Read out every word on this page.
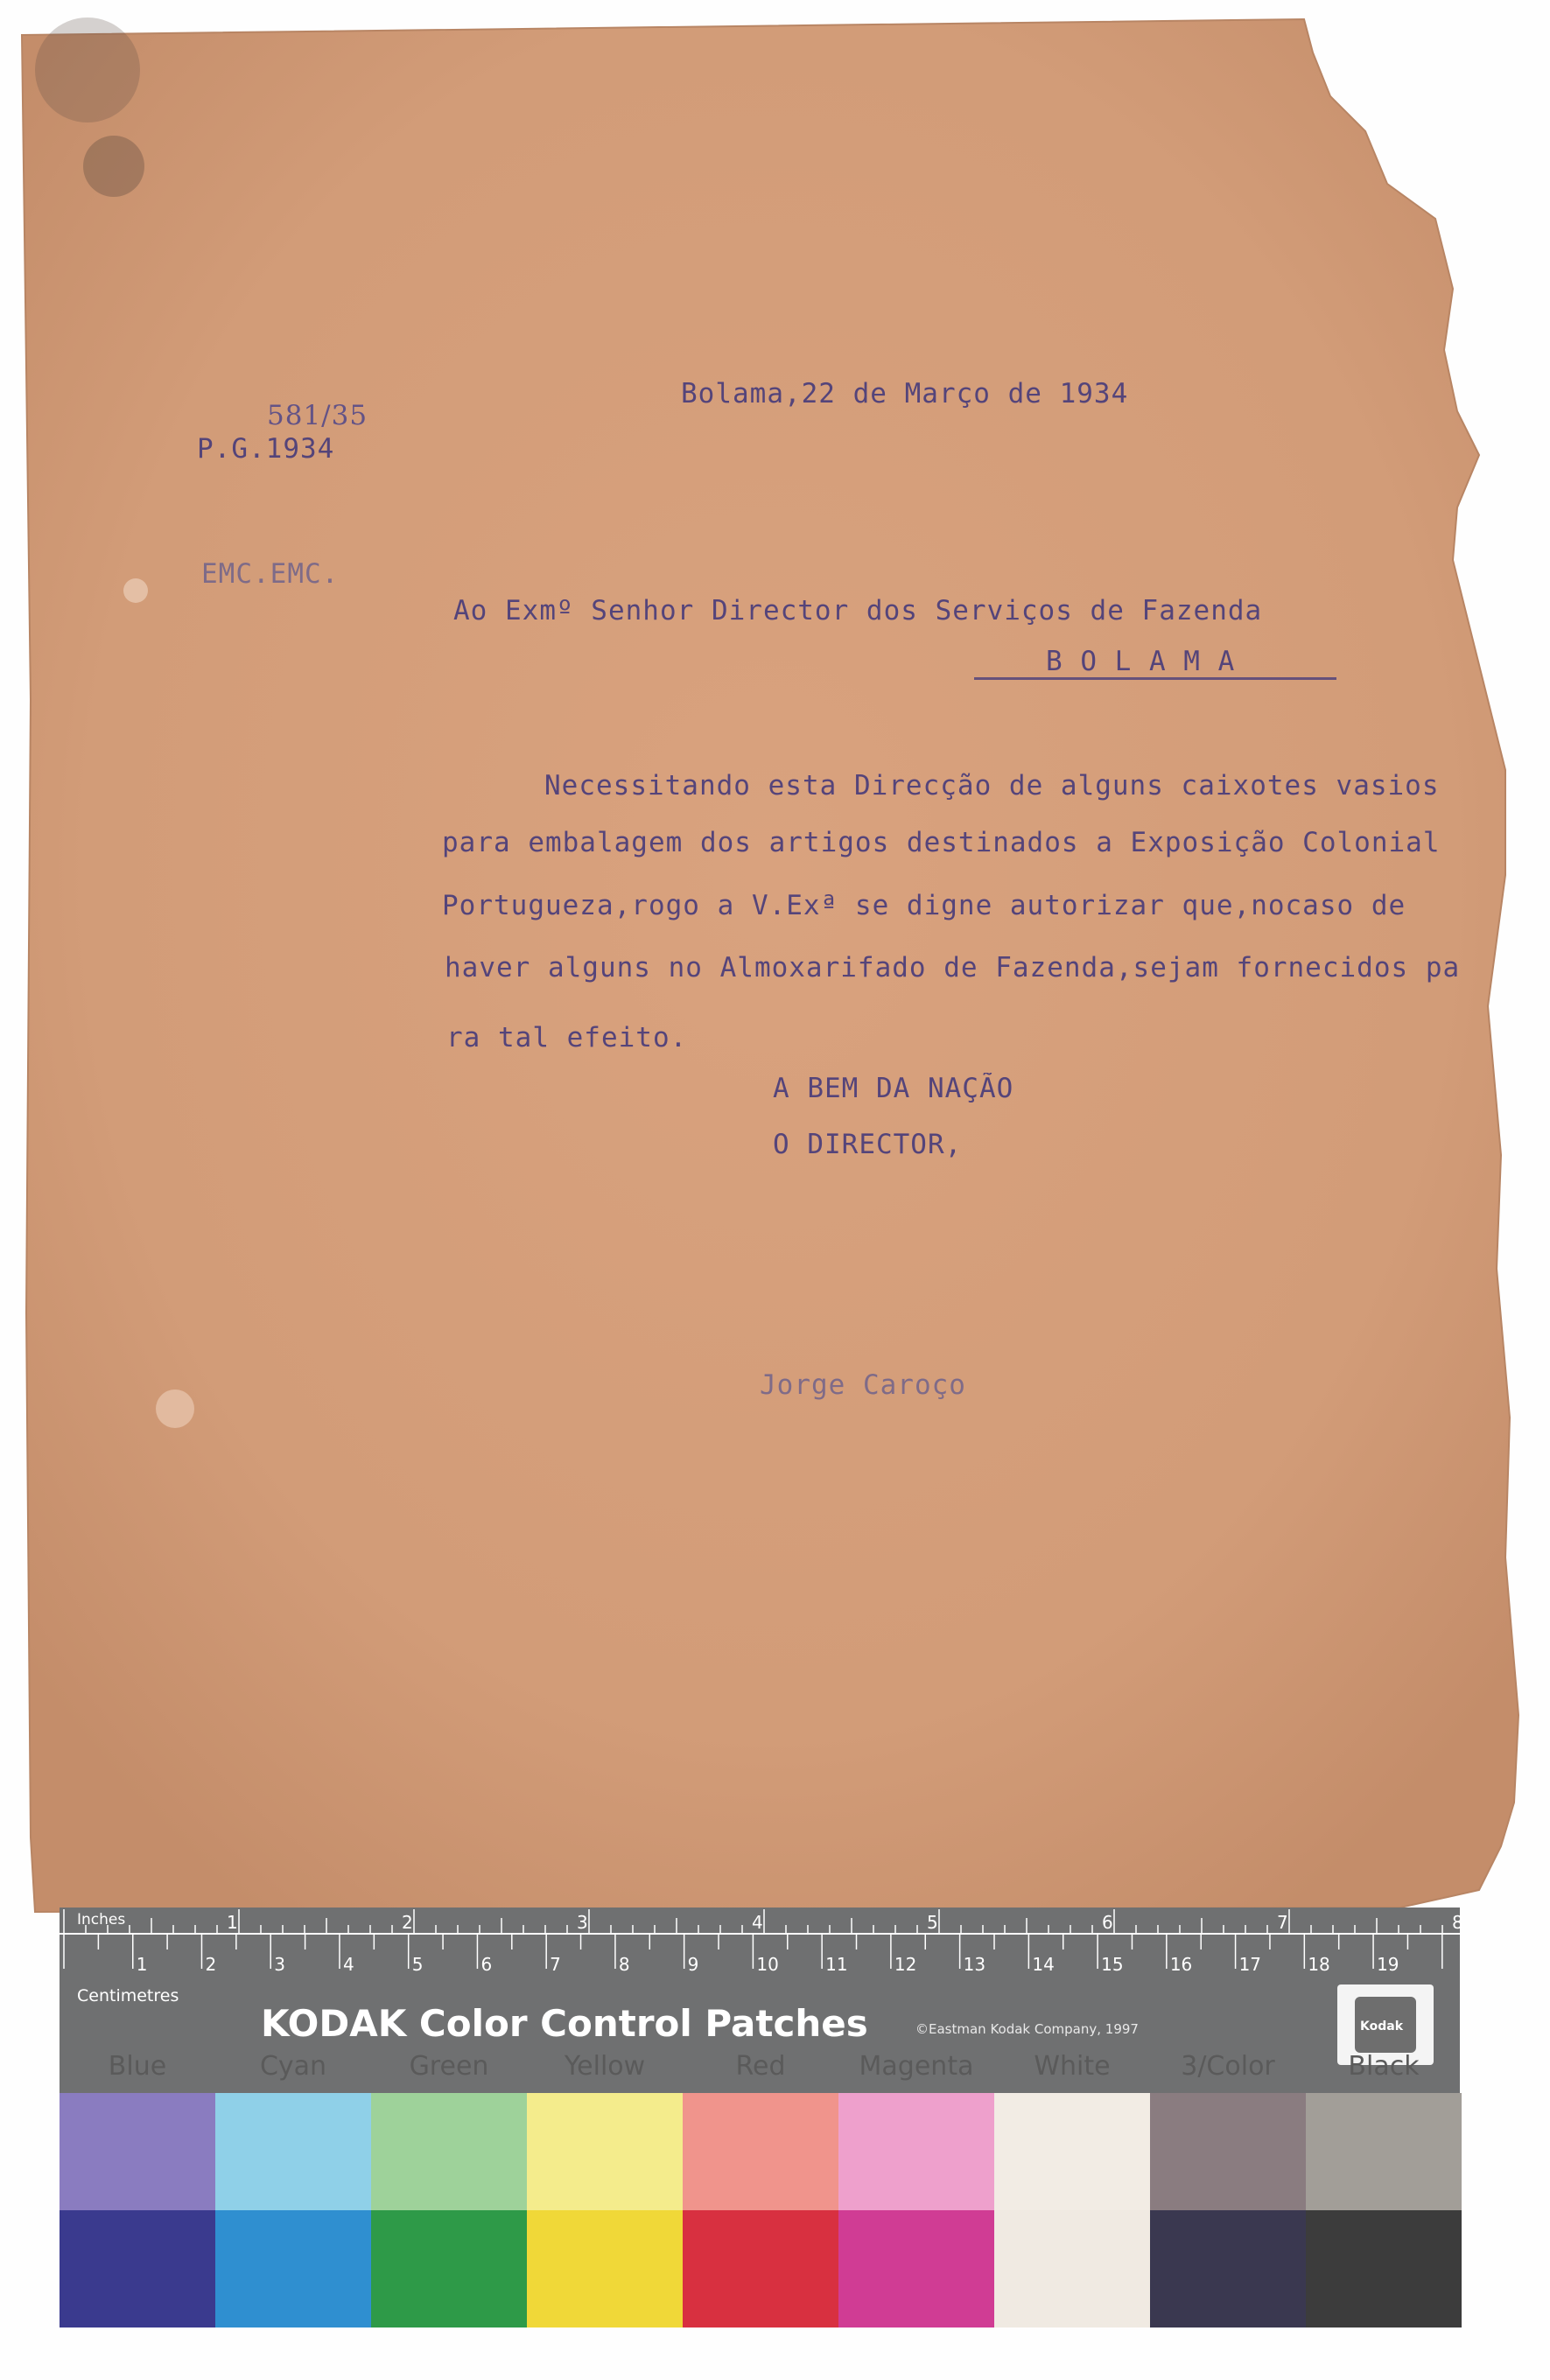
581/35
P.G.1934
Bolama,22 de Março de 1934
EMC.EMC.
Ao Exmº Senhor Director dos Serviços de Fazenda
B O L A M A
Necessitando esta Direcção de alguns caixotes vasios
para embalagem dos artigos destinados a Exposição Colonial
Portugueza,rogo a V.Exª se digne autorizar que,nocaso de
haver alguns no Almoxarifado de Fazenda,sejam fornecidos pa
ra tal efeito.
A BEM DA NAÇÃO
O DIRECTOR,
Jorge Caroço
1	2	3	4	5	6	7	8
1	2	3	4	5	6	7	8	9	10	11	12	13	14	15	16	17	18	19
Inches
Centimetres
KODAK Color Control Patches	©Eastman Kodak Company, 1997	Kodak
Blue	Cyan	Green	Yellow	Red	Magenta	White	3/Color	Black
